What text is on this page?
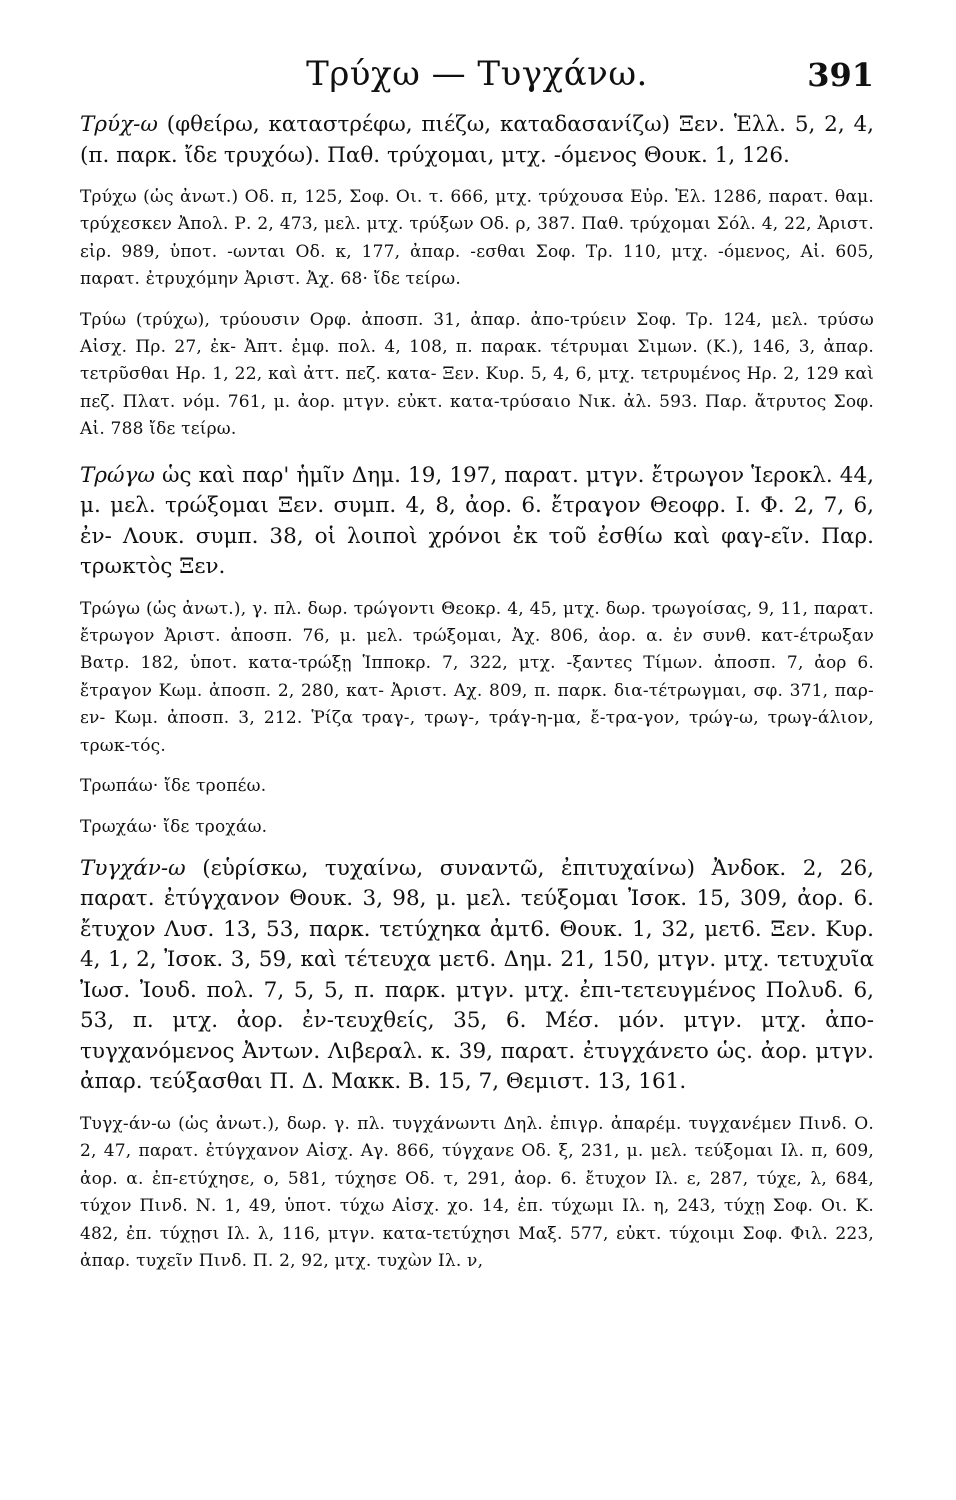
Τρύχω — Τυγχάνω.	391

Τρύχ-ω (φθείρω, καταστρέφω, πιέζω, καταδασανίζω) Ξεν. Ἑλλ. 5, 2, 4, (π. παρκ. ἴδε τρυχόω). Παθ. τρύχομαι, μτχ. -όμενος Θουκ. 1, 126.

Τρύχω (ὡς ἀνωτ.) Οδ. π, 125, Σοφ. Οι. τ. 666, μτχ. τρύχουσα Εὐρ. Ἑλ. 1286, παρατ. θαμ. τρύχεσκεν Ἀπολ. Ρ. 2, 473, μελ. μτχ. τρύξων Οδ. ρ, 387. Παθ. τρύχομαι Σόλ. 4, 22, Ἀριστ. εἰρ. 989, ὑποτ. -ωνται Οδ. κ, 177, ἀπαρ. -εσθαι Σοφ. Τρ. 110, μτχ. -όμενος, Αἰ. 605, παρατ. ἐτρυχόμην Ἀριστ. Ἀχ. 68· ἴδε τείρω.

Τρύω (τρύχω), τρύουσιν Ορφ. ἀποσπ. 31, ἀπαρ. ἀπο-τρύειν Σοφ. Τρ. 124, μελ. τρύσω Αἰσχ. Πρ. 27, ἐκ- Ἀπτ. ἐμφ. πολ. 4, 108, π. παρακ. τέτρυμαι Σιμων. (Κ.), 146, 3, ἀπαρ. τετρῦσθαι Ηρ. 1, 22, καὶ ἀττ. πεζ. κατα- Ξεν. Κυρ. 5, 4, 6, μτχ. τετρυμένος Ηρ. 2, 129 καὶ πεζ. Πλατ. νόμ. 761, μ. ἀορ. μτγν. εὐκτ. κατα-τρύσαιο Νικ. ἀλ. 593. Παρ. ἄτρυτος Σοφ. Αἰ. 788 ἴδε τείρω.

Τρώγω ὡς καὶ παρ' ἡμῖν Δημ. 19, 197, παρατ. μτγν. ἔτρωγον Ἱεροκλ. 44, μ. μελ. τρώξομαι Ξεν. συμπ. 4, 8, ἀορ. 6. ἔτραγον Θεοφρ. Ι. Φ. 2, 7, 6, ἐν- Λουκ. συμπ. 38, οἱ λοιποὶ χρόνοι ἐκ τοῦ ἐσθίω καὶ φαγ-εῖν. Παρ. τρωκτὸς Ξεν.

Τρώγω (ὡς ἀνωτ.), γ. πλ. δωρ. τρώγοντι Θεοκρ. 4, 45, μτχ. δωρ. τρωγοίσας, 9, 11, παρατ. ἔτρωγον Ἀριστ. ἀποσπ. 76, μ. μελ. τρώξομαι, Ἀχ. 806, ἀορ. α. ἐν συνθ. κατ-έτρωξαν Βατρ. 182, ὑποτ. κατα-τρώξῃ Ἱπποκρ. 7, 322, μτχ. -ξαντες Τίμων. ἀποσπ. 7, ἀορ 6. ἔτραγον Κωμ. ἀποσπ. 2, 280, κατ- Ἀριστ. Αχ. 809, π. παρκ. δια-τέτρωγμαι, σφ. 371, παρ-εν- Κωμ. ἀποσπ. 3, 212. Ῥίζα τραγ-, τρωγ-, τράγ-η-μα, ἔ-τρα-γον, τρώγ-ω, τρωγ-άλιον, τρωκ-τός.

Τρωπάω· ἴδε τροπέω.

Τρωχάω· ἴδε τροχάω.

Τυγχάν-ω (εὑρίσκω, τυχαίνω, συναντῶ, ἐπιτυχαίνω) Ἀνδοκ. 2, 26, παρατ. ἐτύγχανον Θουκ. 3, 98, μ. μελ. τεύξομαι Ἰσοκ. 15, 309, ἀορ. 6. ἔτυχον Λυσ. 13, 53, παρκ. τετύχηκα ἀμτ6. Θουκ. 1, 32, μετ6. Ξεν. Κυρ. 4, 1, 2, Ἰσοκ. 3, 59, καὶ τέτευχα μετ6. Δημ. 21, 150, μτγν. μτχ. τετυχυῖα Ἰωσ. Ἰουδ. πολ. 7, 5, 5, π. παρκ. μτγν. μτχ. ἐπι-τετευγμένος Πολυδ. 6, 53, π. μτχ. ἀορ. ἐν-τευχθείς, 35, 6. Μέσ. μόν. μτγν. μτχ. ἀπο-τυγχανόμενος Ἀντων. Λιβεραλ. κ. 39, παρατ. ἐτυγχάνετο ὡς. ἀορ. μτγν. ἀπαρ. τεύξασθαι Π. Δ. Μακκ. Β. 15, 7, Θεμιστ. 13, 161.

Τυγχ-άν-ω (ὡς ἀνωτ.), δωρ. γ. πλ. τυγχάνωντι Δηλ. ἐπιγρ. ἀπαρέμ. τυγχανέμεν Πινδ. Ο. 2, 47, παρατ. ἐτύγχανον Αἰσχ. Αγ. 866, τύγχανε Οδ. ξ, 231, μ. μελ. τεύξομαι Ιλ. π, 609, ἀορ. α. ἐπ-ετύχησε, ο, 581, τύχησε Οδ. τ, 291, ἀορ. 6. ἔτυχον Ιλ. ε, 287, τύχε, λ, 684, τύχον Πινδ. Ν. 1, 49, ὑποτ. τύχω Αἰσχ. χο. 14, ἐπ. τύχωμι Ιλ. η, 243, τύχῃ Σοφ. Οι. Κ. 482, ἐπ. τύχῃσι Ιλ. λ, 116, μτγν. κατα-τετύχησι Μαξ. 577, εὐκτ. τύχοιμι Σοφ. Φιλ. 223, ἀπαρ. τυχεῖν Πινδ. Π. 2, 92, μτχ. τυχὼν Ιλ. ν,
